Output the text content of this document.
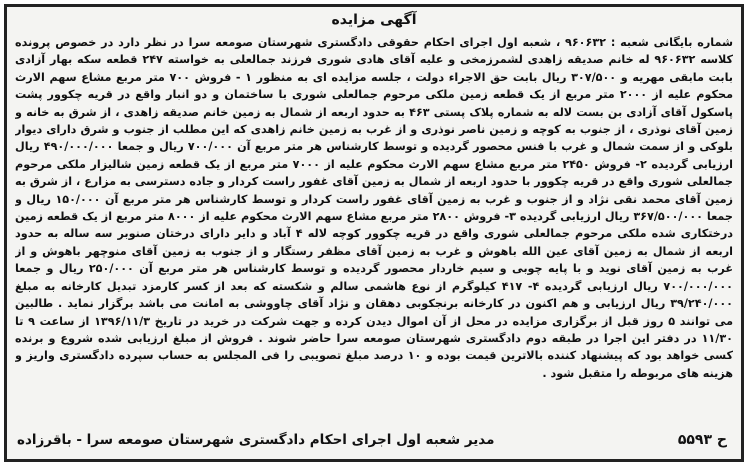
آگهی مزایده
شماره بایگانی شعبه : ۹۶۰۶۳۲ ، شعبه اول اجرای احکام حقوقی دادگستری شهرستان صومعه سرا در نظر دارد در خصوص پرونده کلاسه ۹۶۰۶۳۲ له خانم صدیقه زاهدی لشمرزمخی و علیه آقای هادی شوری فرزند جمالعلی به خواسته ۲۴۷ قطعه سکه بهار آزادی بابت مابقی مهریه و ۳۰۷/۵۰۰ ریال بابت حق الاجراء دولت ، جلسه مزایده ای به منظور ۱ - فروش ۷۰۰ متر مربع مشاع سهم الارث محکوم علیه از ۲۰۰۰ متر مربع از یک قطعه زمین ملکی مرحوم جمالعلی شوری با ساختمان و دو انبار واقع در قریه چکوور پشت پاسکول آقای آزادی بن بست لاله به شماره پلاک پستی ۴۶۳ به حدود اربعه از شمال به زمین خانم صدیقه زاهدی ، از شرق به خانه و زمین آقای نوذری ، از جنوب به کوچه و زمین ناصر نوذری و از غرب به زمین خانم زاهدی که این مطلب از جنوب و شرق دارای دیوار بلوکی و از سمت شمال و غرب با فنس محصور گردیده و توسط کارشناس هر متر مربع آن ۷۰۰/۰۰۰ ریال و جمعا ۴۹۰/۰۰۰/۰۰۰ ریال ارزیابی گردیده ۲- فروش ۲۴۵۰ متر مربع مشاع سهم الارث محکوم علیه از ۷۰۰۰ متر مربع از یک قطعه زمین شالیزار ملکی مرحوم جمالعلی شوری واقع در قریه چکوور با حدود اربعه از شمال به زمین آقای غفور راست کردار و جاده دسترسی به مزارع ، از شرق به زمین آقای محمد نقی نژاد و از جنوب و غرب به زمین آقای غفور راست کردار و توسط کارشناس هر متر مربع آن ۱۵۰/۰۰۰ ریال و جمعا ۳۶۷/۵۰۰/۰۰۰ ریال ارزیابی گردیده ۳- فروش ۲۸۰۰ متر مربع مشاع سهم الارث محکوم علیه از ۸۰۰۰ متر مربع از یک قطعه زمین درختکاری شده ملکی مرحوم جمالعلی شوری واقع در قریه چکوور کوچه لاله ۴ آباد و دایر دارای درختان صنوبر سه ساله به حدود اربعه از شمال به زمین آقای عین الله باهوش و غرب به زمین آقای مظفر رستگار و از جنوب به زمین آقای منوچهر باهوش و از غرب به زمین آقای نوید و با پایه چوبی و سیم خاردار محصور گردیده و توسط کارشناس هر متر مربع آن ۲۵۰/۰۰۰ ریال و جمعا ۷۰۰/۰۰۰/۰۰۰ ریال ارزیابی گردیده ۴- ۴۱۷ کیلوگرم از نوع هاشمی سالم و شکسته که بعد از کسر کارمزد تبدیل کارخانه به مبلغ ۳۹/۲۴۰/۰۰۰ ریال ارزیابی و هم اکنون در کارخانه برنجکوبی دهقان و نژاد آقای چاووشی به امانت می باشد برگزار نماید . طالبین می توانند ۵ روز قبل از برگزاری مزایده در محل از آن اموال دیدن کرده و جهت شرکت در خرید در تاریخ ۱۳۹۶/۱۱/۳ از ساعت ۹ تا ۱۱/۳۰ در دفتر این اجرا در طبقه دوم دادگستری شهرستان صومعه سرا حاضر شوند . فروش از مبلغ ارزیابی شده شروع و برنده کسی خواهد بود که پیشنهاد کننده بالاترین قیمت بوده و ۱۰ درصد مبلغ تصویبی را فی المجلس به حساب سپرده دادگستری واریز و هزینه های مربوطه را متقبل شود .
ح ۵۵۹۳
مدیر شعبه اول اجرای احکام دادگستری شهرستان صومعه سرا - باقرزاده
